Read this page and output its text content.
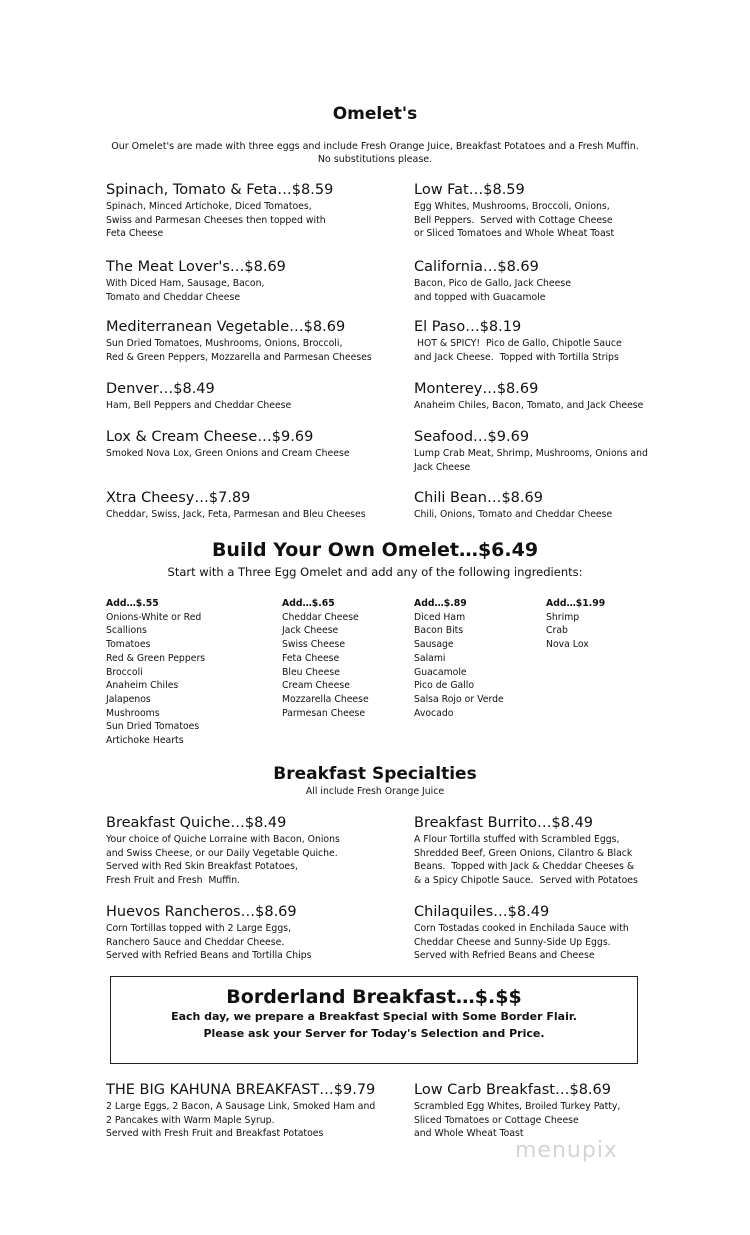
Omelet's
Our Omelet's are made with three eggs and include Fresh Orange Juice, Breakfast Potatoes and a Fresh Muffin.
No substitutions please.
Spinach, Tomato & Feta…$8.59
Spinach, Minced Artichoke, Diced Tomatoes,
Swiss and Parmesan Cheeses then topped with
Feta Cheese
Low Fat…$8.59
Egg Whites, Mushrooms, Broccoli, Onions,
Bell Peppers.  Served with Cottage Cheese
or Sliced Tomatoes and Whole Wheat Toast
The Meat Lover's…$8.69
With Diced Ham, Sausage, Bacon,
Tomato and Cheddar Cheese
California…$8.69
Bacon, Pico de Gallo, Jack Cheese
and topped with Guacamole
Mediterranean Vegetable…$8.69
Sun Dried Tomatoes, Mushrooms, Onions, Broccoli,
Red & Green Peppers, Mozzarella and Parmesan Cheeses
El Paso…$8.19
HOT & SPICY!  Pico de Gallo, Chipotle Sauce
and Jack Cheese.  Topped with Tortilla Strips
Denver…$8.49
Ham, Bell Peppers and Cheddar Cheese
Monterey…$8.69
Anaheim Chiles, Bacon, Tomato, and Jack Cheese
Lox & Cream Cheese…$9.69
Smoked Nova Lox, Green Onions and Cream Cheese
Seafood…$9.69
Lump Crab Meat, Shrimp, Mushrooms, Onions and
Jack Cheese
Xtra Cheesy…$7.89
Cheddar, Swiss, Jack, Feta, Parmesan and Bleu Cheeses
Chili Bean…$8.69
Chili, Onions, Tomato and Cheddar Cheese
Build Your Own Omelet…$6.49
Start with a Three Egg Omelet and add any of the following ingredients:
Add…$.55
Onions-White or Red
Scallions
Tomatoes
Red & Green Peppers
Broccoli
Anaheim Chiles
Jalapenos
Mushrooms
Sun Dried Tomatoes
Artichoke Hearts
Add…$.65
Cheddar Cheese
Jack Cheese
Swiss Cheese
Feta Cheese
Bleu Cheese
Cream Cheese
Mozzarella Cheese
Parmesan Cheese
Add…$.89
Diced Ham
Bacon Bits
Sausage
Salami
Guacamole
Pico de Gallo
Salsa Rojo or Verde
Avocado
Add…$1.99
Shrimp
Crab
Nova Lox
Breakfast Specialties
All include Fresh Orange Juice
Breakfast Quiche…$8.49
Your choice of Quiche Lorraine with Bacon, Onions
and Swiss Cheese, or our Daily Vegetable Quiche.
Served with Red Skin Breakfast Potatoes,
Fresh Fruit and Fresh  Muffin.
Breakfast Burrito…$8.49
A Flour Tortilla stuffed with Scrambled Eggs,
Shredded Beef, Green Onions, Cilantro & Black
Beans.  Topped with Jack & Cheddar Cheeses &
& a Spicy Chipotle Sauce.  Served with Potatoes
Huevos Rancheros…$8.69
Corn Tortillas topped with 2 Large Eggs,
Ranchero Sauce and Cheddar Cheese.
Served with Refried Beans and Tortilla Chips
Chilaquiles…$8.49
Corn Tostadas cooked in Enchilada Sauce with
Cheddar Cheese and Sunny-Side Up Eggs.
Served with Refried Beans and Cheese
Borderland Breakfast…$.$$
Each day, we prepare a Breakfast Special with Some Border Flair.
Please ask your Server for Today's Selection and Price.
THE BIG KAHUNA BREAKFAST…$9.79
2 Large Eggs, 2 Bacon, A Sausage Link, Smoked Ham and
2 Pancakes with Warm Maple Syrup.
Served with Fresh Fruit and Breakfast Potatoes
Low Carb Breakfast…$8.69
Scrambled Egg Whites, Broiled Turkey Patty,
Sliced Tomatoes or Cottage Cheese
and Whole Wheat Toast
menupix
